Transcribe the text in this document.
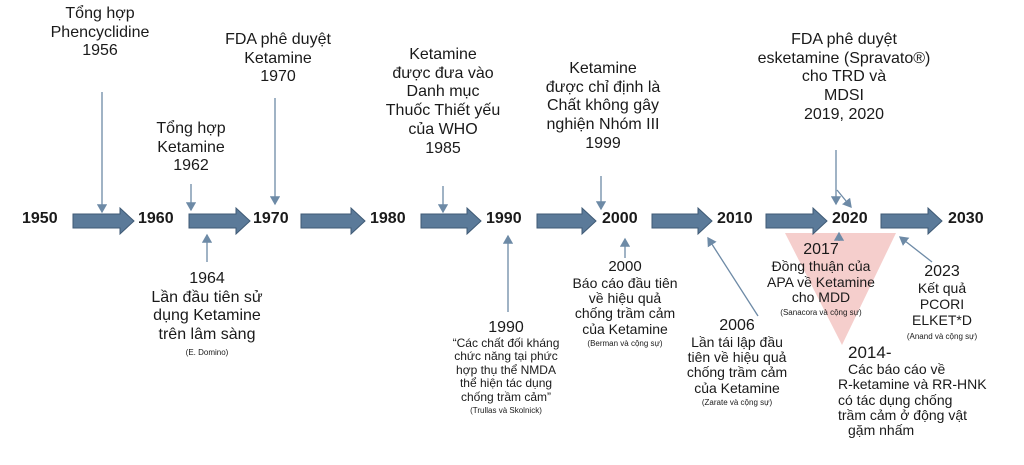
1950	1960	1970	1980	1990	2000	2010	2020	2030
Tổng hợp
Phencyclidine
1956
Tổng hợp
Ketamine
1962
FDA phê duyệt
Ketamine
1970
Ketamine
được đưa vào
Danh mục
Thuốc Thiết yếu
của WHO
1985
Ketamine
được chỉ định là
Chất không gây
nghiện Nhóm III
1999
FDA phê duyệt
esketamine (Spravato®)
cho TRD và
MDSI
2019, 2020
1964
Lần đầu tiên sử
dụng Ketamine
trên lâm sàng
(E. Domino)
1990
“Các chất đối kháng
chức năng tại phức
hợp thụ thể NMDA
thể hiện tác dụng
chống trầm cảm”
(Trullas và Skolnick)
2000
Báo cáo đầu tiên
về hiệu quả
chống trầm cảm
của Ketamine
(Berman và cộng sự)
2006
Lần tái lập đầu
tiên về hiệu quả
chống trầm cảm
của Ketamine
(Zarate và cộng sự)
2017
Đồng thuận của
APA về Ketamine
cho MDD
(Sanacora và cộng sự)
2023
Kết quả
PCORI
ELKET*D
(Anand và cộng sự)
2014-
Các báo cáo về
R-ketamine và RR-HNK
có tác dụng chống
trầm cảm ở động vật
gặm nhấm
